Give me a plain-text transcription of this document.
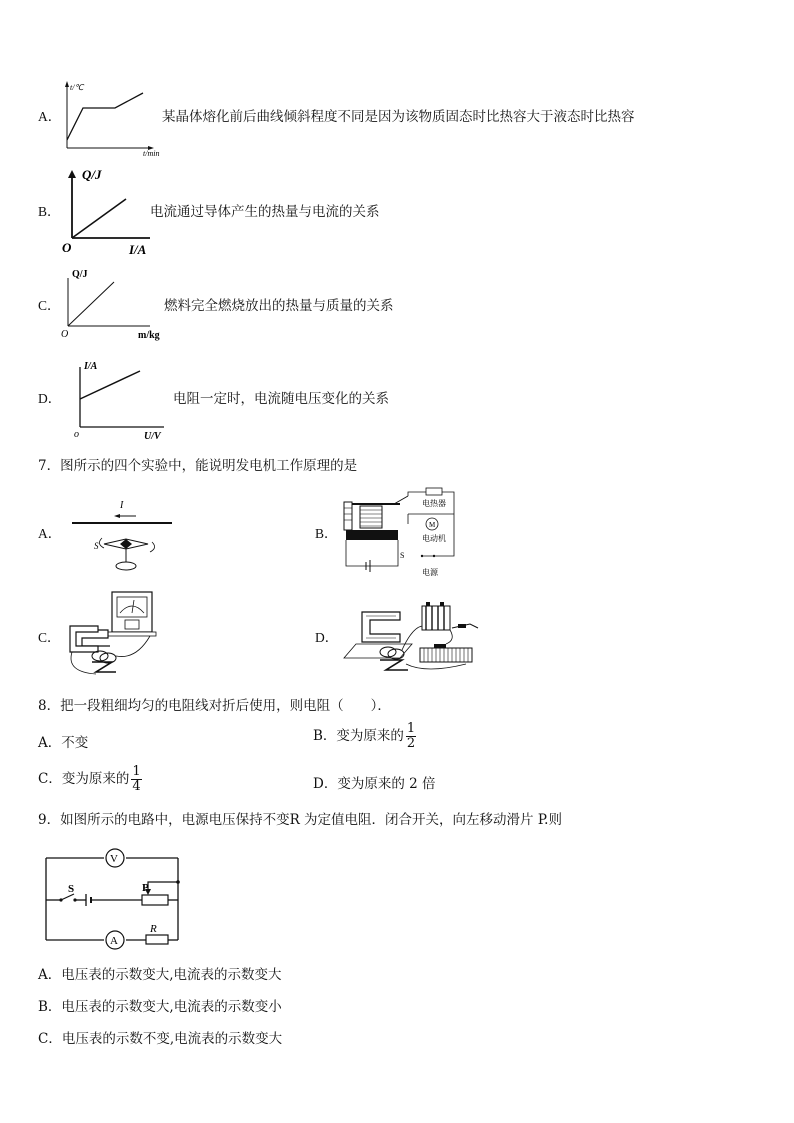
A．
t/℃
t/min
某晶体熔化前后曲线倾斜程度不同是因为该物质固态时比热容大于液态时比热容
B．
Q/J
O	I/A
电流通过导体产生的热量与电流的关系
C．
Q/J
O	m/kg
燃料完全燃烧放出的热量与质量的关系
D．
I/A
o	U/V
电阻一定时，电流随电压变化的关系
7．图所示的四个实验中，能说明发电机工作原理的是
A．
I
S
B．
电热器
M
电动机
电源
S
C．	D．
8．把一段粗细均匀的电阻线对折后使用，则电阻（　　）．
A．不变	B．变为原来的 $\frac{1}{2}$
C．变为原来的 $\frac{1}{4}$	D．变为原来的 2 倍
9．如图所示的电路中，电源电压保持不变R 为定值电阻．闭合开关，向左移动滑片 P.则
V
S	P
A
R
A．电压表的示数变大,电流表的示数变大
B．电压表的示数变大,电流表的示数变小
C．电压表的示数不变,电流表的示数变大
